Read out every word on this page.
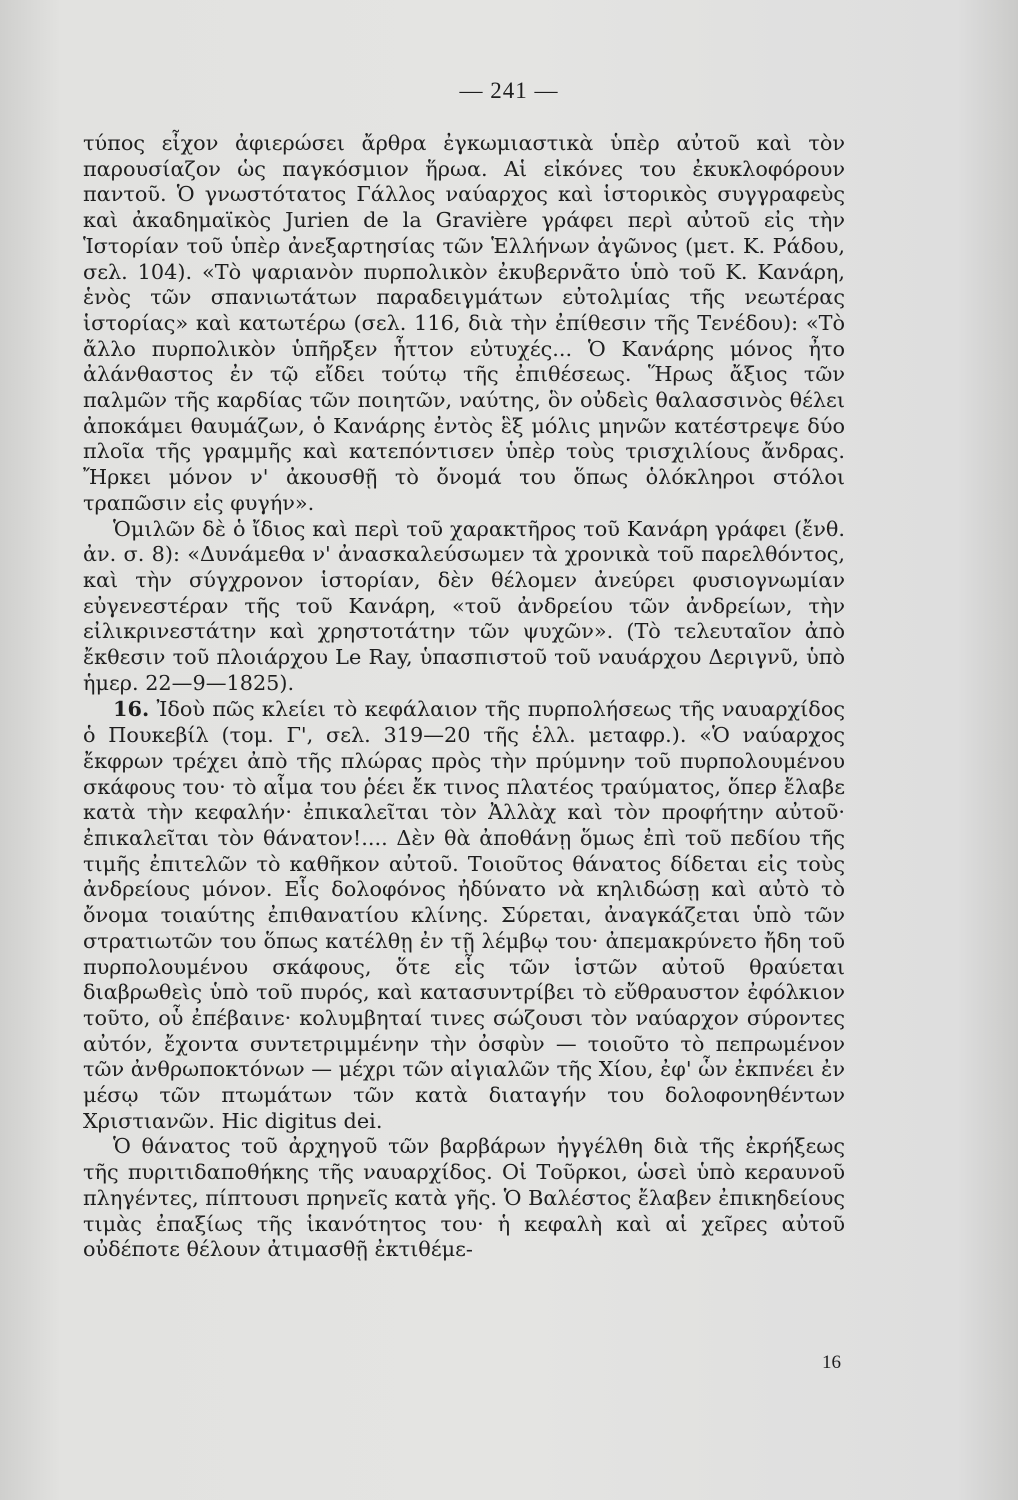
— 241 —

τύπος εἶχον ἀφιερώσει ἄρθρα ἐγκωμιαστικὰ ὑπὲρ αὐτοῦ καὶ τὸν παρουσίαζον ὡς παγκόσμιον ἥρωα. Αἱ εἰκόνες του ἐκυκλοφόρουν παντοῦ. Ὁ γνωστότατος Γάλλος ναύαρχος καὶ ἱστορικὸς συγγραφεὺς καὶ ἀκαδημαϊκὸς Jurien de la Gravière γράφει περὶ αὐτοῦ εἰς τὴν Ἱστορίαν τοῦ ὑπὲρ ἀνεξαρτησίας τῶν Ἑλλήνων ἀγῶνος (μετ. Κ. Ράδου, σελ. 104). «Τὸ ψαριανὸν πυρπολικὸν ἐκυβερνᾶτο ὑπὸ τοῦ Κ. Κανάρη, ἑνὸς τῶν σπανιωτάτων παραδειγμάτων εὐτολμίας τῆς νεωτέρας ἱστορίας» καὶ κατωτέρω (σελ. 116, διὰ τὴν ἐπίθεσιν τῆς Τενέδου): «Τὸ ἄλλο πυρπολικὸν ὑπῆρξεν ἧττον εὐτυχές... Ὁ Κανάρης μόνος ἦτο ἀλάνθαστος ἐν τῷ εἴδει τούτῳ τῆς ἐπιθέσεως. Ἥρως ἄξιος τῶν παλμῶν τῆς καρδίας τῶν ποιητῶν, ναύτης, ὃν οὐδεὶς θαλασσινὸς θέλει ἀποκάμει θαυμάζων, ὁ Κανάρης ἐντὸς ἓξ μόλις μηνῶν κατέστρεψε δύο πλοῖα τῆς γραμμῆς καὶ κατεπόντισεν ὑπὲρ τοὺς τρισχιλίους ἄνδρας. Ἤρκει μόνον ν' ἀκουσθῇ τὸ ὄνομά του ὅπως ὁλόκληροι στόλοι τραπῶσιν εἰς φυγήν».

Ὁμιλῶν δὲ ὁ ἴδιος καὶ περὶ τοῦ χαρακτῆρος τοῦ Κανάρη γράφει (ἔνθ. ἀν. σ. 8): «Δυνάμεθα ν' ἀνασκαλεύσωμεν τὰ χρονικὰ τοῦ παρελθόντος, καὶ τὴν σύγχρονον ἱστορίαν, δὲν θέλομεν ἀνεύρει φυσιογνωμίαν εὐγενεστέραν τῆς τοῦ Κανάρη, «τοῦ ἀνδρείου τῶν ἀνδρείων, τὴν εἰλικρινεστάτην καὶ χρηστοτάτην τῶν ψυχῶν». (Τὸ τελευταῖον ἀπὸ ἔκθεσιν τοῦ πλοιάρχου Le Ray, ὑπασπιστοῦ τοῦ ναυάρχου Δεριγνῦ, ὑπὸ ἡμερ. 22—9—1825).

16. Ἰδοὺ πῶς κλείει τὸ κεφάλαιον τῆς πυρπολήσεως τῆς ναυαρχίδος ὁ Πουκεβίλ (τομ. Γ', σελ. 319—20 τῆς ἑλλ. μεταφρ.). «Ὁ ναύαρχος ἔκφρων τρέχει ἀπὸ τῆς πλώρας πρὸς τὴν πρύμνην τοῦ πυρπολουμένου σκάφους του· τὸ αἷμα του ῥέει ἔκ τινος πλατέος τραύματος, ὅπερ ἔλαβε κατὰ τὴν κεφαλήν· ἐπικαλεῖται τὸν Ἀλλὰχ καὶ τὸν προφήτην αὐτοῦ· ἐπικαλεῖται τὸν θάνατον!.... Δὲν θὰ ἀποθάνῃ ὅμως ἐπὶ τοῦ πεδίου τῆς τιμῆς ἐπιτελῶν τὸ καθῆκον αὐτοῦ. Τοιοῦτος θάνατος δίδεται εἰς τοὺς ἀνδρείους μόνον. Εἷς δολοφόνος ἠδύνατο νὰ κηλιδώσῃ καὶ αὐτὸ τὸ ὄνομα τοιαύτης ἐπιθανατίου κλίνης. Σύρεται, ἀναγκάζεται ὑπὸ τῶν στρατιωτῶν του ὅπως κατέλθῃ ἐν τῇ λέμβῳ του· ἀπεμακρύνετο ἤδη τοῦ πυρπολουμένου σκάφους, ὅτε εἷς τῶν ἱστῶν αὐτοῦ θραύεται διαβρωθεὶς ὑπὸ τοῦ πυρός, καὶ κατασυντρίβει τὸ εὔθραυστον ἐφόλκιον τοῦτο, οὗ ἐπέβαινε· κολυμβηταί τινες σώζουσι τὸν ναύαρχον σύροντες αὐτόν, ἔχοντα συντετριμμένην τὴν ὀσφὺν — τοιοῦτο τὸ πεπρωμένον τῶν ἀνθρωποκτόνων — μέχρι τῶν αἰγιαλῶν τῆς Χίου, ἐφ' ὧν ἐκπνέει ἐν μέσῳ τῶν πτωμάτων τῶν κατὰ διαταγήν του δολοφονηθέντων Χριστιανῶν. Hic digitus dei.

Ὁ θάνατος τοῦ ἀρχηγοῦ τῶν βαρβάρων ἠγγέλθη διὰ τῆς ἐκρήξεως τῆς πυριτιδαποθήκης τῆς ναυαρχίδος. Οἱ Τοῦρκοι, ὡσεὶ ὑπὸ κεραυνοῦ πληγέντες, πίπτουσι πρηνεῖς κατὰ γῆς. Ὁ Βαλέστος ἔλαβεν ἐπικηδείους τιμὰς ἐπαξίως τῆς ἱκανότητος του· ἡ κεφαλὴ καὶ αἱ χεῖρες αὐτοῦ οὐδέποτε θέλουν ἀτιμασθῇ ἐκτιθέμε-

16
